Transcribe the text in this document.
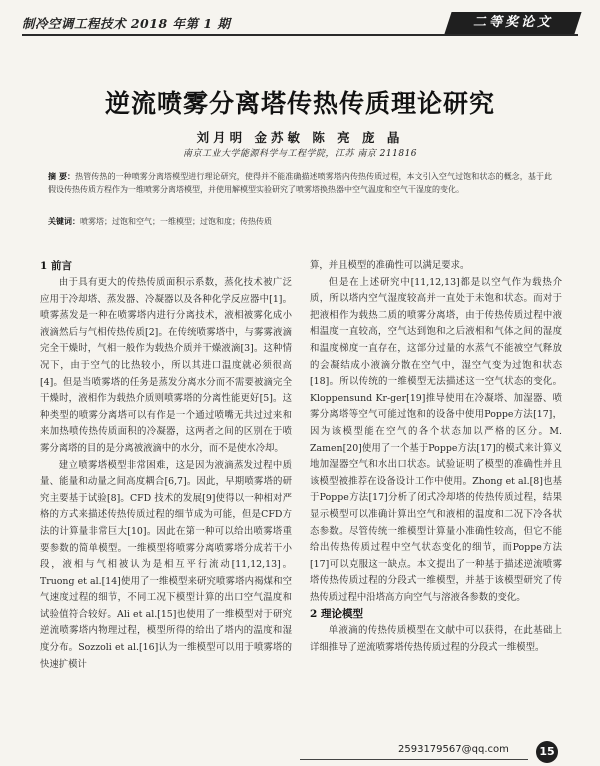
制冷空调工程技术 2018 年第 1 期	二等奖论文
逆流喷雾分离塔传热传质理论研究
刘月明 金苏敏 陈 亮 庞 晶
南京工业大学能源科学与工程学院，江苏 南京 211816
摘 要：热管传热的一种喷雾分离塔模型进行理论研究，使得并不能准确描述喷雾塔内传热传质过程，本文引入空气过饱和状态的概念，基于此假设传热传质方程作为一维喷雾分离塔模型，并使用解模型实验研究了喷雾塔换热器中空气温度和空气干湿度的变化。
关键词：喷雾塔；过饱和空气；一维模型；过饱和度；传热传质
1 前言

由于具有更大的传热传质面积示系数，蒸化技术被广泛应用于冷却塔、蒸发器、冷凝器以及各种化学反应器中[1]。喷雾蒸发是一种在喷雾塔内进行分离技术，液相被雾化成小液滴然后与气相传热传质[2]。在传统喷雾塔中，与雾雾液滴完全干燥时，气相一般作为载热介质并干燥液滴[3]。这种情况下，由于空气的比热较小，所以其进口温度就必须很高[4]。但是当喷雾塔的任务是蒸发分离水分而不需要被滴完全干燥时，液相作为载热介质则喷雾塔的分离性能更好[5]。这种类型的喷雾分离塔可以有作是一个通过喷嘴无共过过来和来加热喷传热传质面积的冷凝器，这两者之间的区别在于喷雾分离塔的目的是分离被液滴中的水分，而不是使水冷却。

建立喷雾塔模型非常困难，这是因为液滴蒸发过程中质量、能量和动量之间高度耦合[6,7]。因此，早期喷雾塔的研究主要基于试验[8]。CFD 技术的发展[9]使得以一种相对严格的方式来描述传热传质过程的细节成为可能，但是CFD方法的计算量非常巨大[10]。因此在第一种可以给出喷雾塔重要参数的简单模型。一维模型将喷雾分离喷雾塔分成若干小段，液相与气相被认为是相互平行流动[11,12,13]。Truong et al.[14]使用了一维模型来研究喷雾塔内褐煤和空气速度过程的细节，不同工况下模型计算的出口空气温度和试验值符合较好。Ali et al.[15]也使用了一维模型对于研究逆流喷雾塔内物理过程，模型所得的给出了塔内的温度和湿度分布。Sozzoli et al.[16]认为一维模型可以用于喷雾塔的快速扩模计

算，并且模型的准确性可以满足要求。

但是在上述研究中[11,12,13]都是以空气作为载热介质，所以塔内空气湿度较高并一直处于未饱和状态。而对于把液相作为载热二质的喷雾分离塔，由于传热传质过程中液相温度一直较高，空气达到饱和之后液相和气体之间的湿度和温度梯度一直存在，这部分过量的水蒸气不能被空气释放的会凝结成小液滴分散在空气中，湿空气变为过饱和状态[18]。所以传统的一维模型无法描述这一空气状态的变化。Kloppensund Kr-ger[19]推导使用在冷凝塔、加湿器、喷雾分离塔等空气可能过饱和的设备中使用Poppe方法[17]，因为该模型能在空气的各个状态加以严格的区分。M. Zamen[20]使用了一个基于Poppe方法[17]的模式来计算义地加湿器空气和水出口状态。试验证明了模型的准确性并且该模型被推荐在设备设计工作中使用。Zhong et al.[8]也基于Poppe方法[17]分析了闭式冷却塔的传热传质过程，结果显示模型可以准确计算出空气和液相的温度和二况下冷各状态参数。尽管传统一维模型计算量小准确性较高，但它不能给出传热传质过程中空气状态变化的细节，而Poppe方法[17]可以克服这一缺点。本文提出了一种基于描述逆流喷雾塔传热传质过程的分段式一维模型，并基于该模型研究了传热传质过程中沿塔高方向空气与溶液各参数的变化。

2 理论模型

单液滴的传热传质模型在文献中可以获得，在此基础上详细推导了逆流喷雾塔传热传质过程的分段式一维模型。

2593179567@qq.com	15
